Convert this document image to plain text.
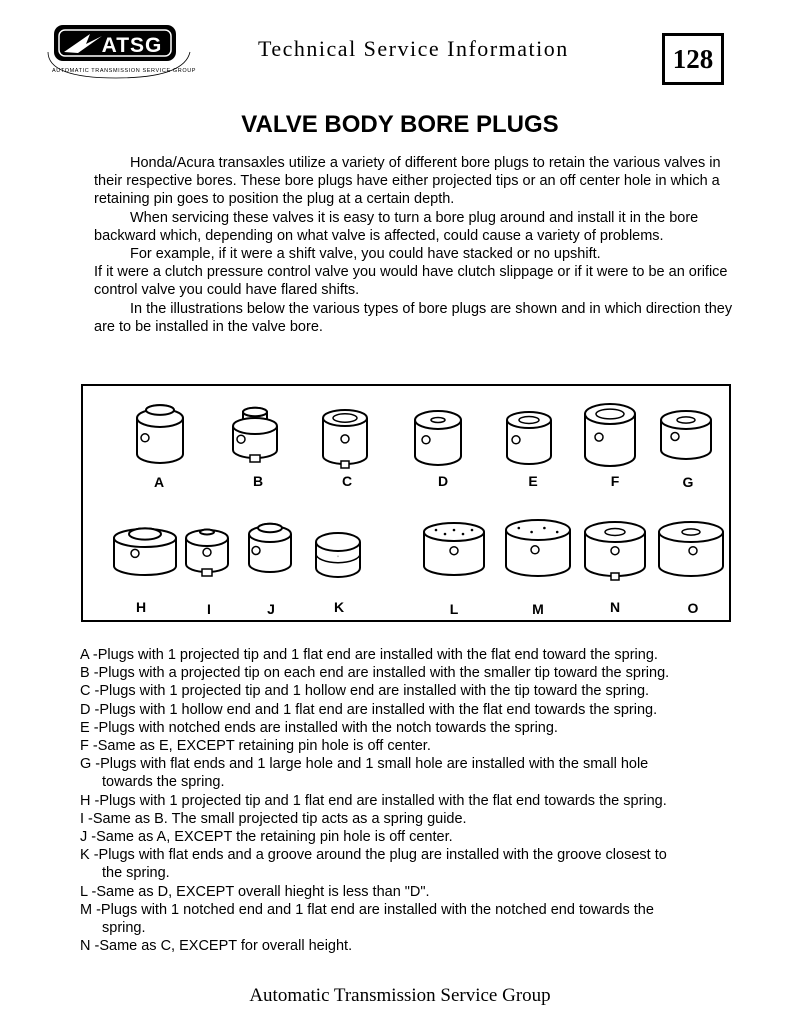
ATSG
AUTOMATIC TRANSMISSION SERVICE GROUP
Technical Service Information	128
VALVE BODY BORE PLUGS

Honda/Acura transaxles utilize a variety of different bore plugs to retain the various valves in their respective bores. These bore plugs have either projected tips or an off center hole in which a retaining pin goes to position the plug at a certain depth.

When servicing these valves it is easy to turn a bore plug around and install it in the bore backward which, depending on what valve is affected, could cause a variety of problems.

For example, if it were a shift valve, you could have stacked or no upshift.

If it were a clutch pressure control valve you would have clutch slippage or if it were to be an orifice control valve you could have flared shifts.

In the illustrations below the various types of bore plugs are shown and in which direction they are to be installed in the valve bore.

A	B	C	D	E	F	G
H	I	J	K	L	M	N	O

A -Plugs with 1 projected tip and 1 flat end are installed with the flat end toward the spring.

B -Plugs with a projected tip on each end are installed with the smaller tip toward the spring.

C -Plugs with 1 projected tip and 1 hollow end are installed with the tip toward the spring.

D -Plugs with 1 hollow end and 1 flat end are installed with the flat end towards the spring.

E -Plugs with notched ends are installed with the notch towards the spring.

F -Same as E, EXCEPT retaining pin hole is off center.

G -Plugs with flat ends and 1 large hole and 1 small hole are installed with the small hole

towards the spring.

H -Plugs with 1 projected tip and 1 flat end are installed with the flat end towards the spring.

I -Same as B. The small projected tip acts as a spring guide.

J -Same as A, EXCEPT the retaining pin hole is off center.

K -Plugs with flat ends and a groove around the plug are installed with the groove closest to

the spring.

L -Same as D, EXCEPT overall hieght is less than "D".

M -Plugs with 1 notched end and 1 flat end are installed with the notched end towards the

spring.

N -Same as C, EXCEPT for overall height.

Automatic Transmission Service Group
